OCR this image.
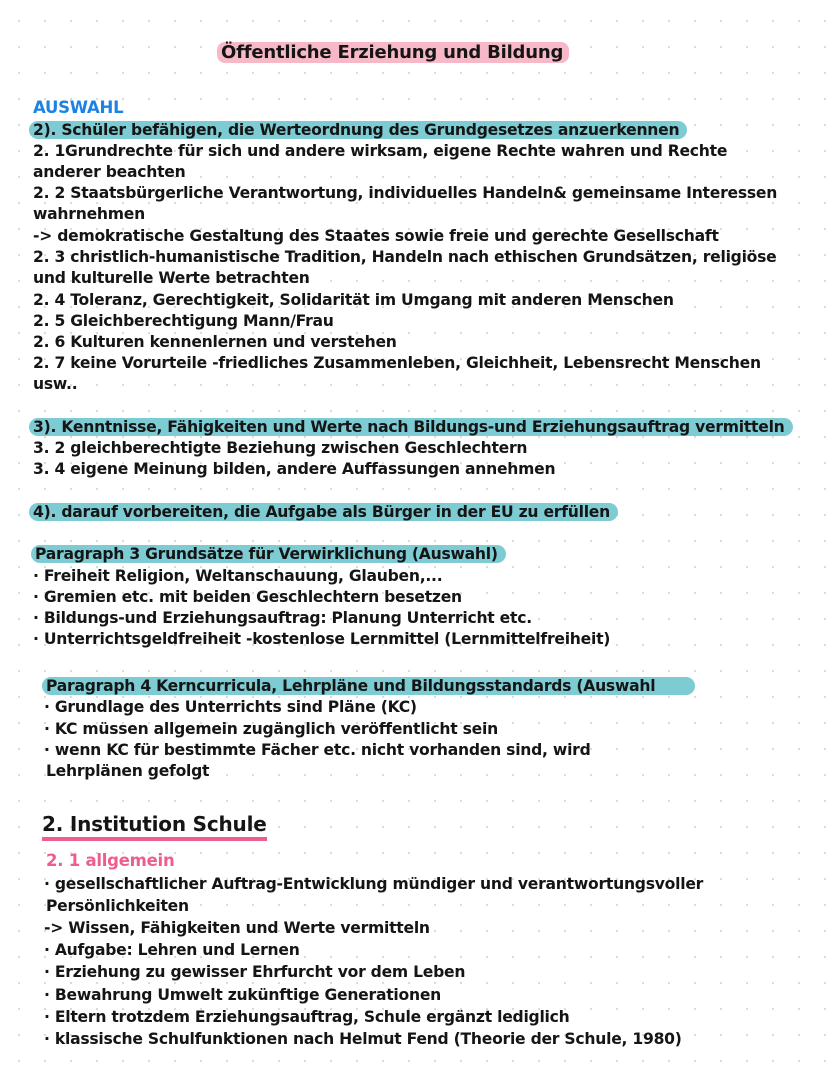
Öffentliche Erziehung und Bildung
AUSWAHL
2). Schüler befähigen, die Werteordnung des Grundgesetzes anzuerkennen
2. 1Grundrechte für sich und andere wirksam, eigene Rechte wahren und Rechte
anderer beachten
2. 2 Staatsbürgerliche Verantwortung, individuelles Handeln& gemeinsame Interessen
wahrnehmen
-> demokratische Gestaltung des Staates sowie freie und gerechte Gesellschaft
2. 3 christlich-humanistische Tradition, Handeln nach ethischen Grundsätzen, religiöse
und kulturelle Werte betrachten
2. 4 Toleranz, Gerechtigkeit, Solidarität im Umgang mit anderen Menschen
2. 5 Gleichberechtigung Mann/Frau
2. 6 Kulturen kennenlernen und verstehen
2. 7 keine Vorurteile -friedliches Zusammenleben, Gleichheit, Lebensrecht Menschen
usw..
3). Kenntnisse, Fähigkeiten und Werte nach Bildungs-und Erziehungsauftrag vermitteln
3. 2 gleichberechtigte Beziehung zwischen Geschlechtern
3. 4 eigene Meinung bilden, andere Auffassungen annehmen
4). darauf vorbereiten, die Aufgabe als Bürger in der EU zu erfüllen
Paragraph 3 Grundsätze für Verwirklichung (Auswahl)
· Freiheit Religion, Weltanschauung, Glauben,...
· Gremien etc. mit beiden Geschlechtern besetzen
· Bildungs-und Erziehungsauftrag: Planung Unterricht etc.
· Unterrichtsgeldfreiheit -kostenlose Lernmittel (Lernmittelfreiheit)
Paragraph 4 Kerncurricula, Lehrpläne und Bildungsstandards (Auswahl
· Grundlage des Unterrichts sind Pläne (KC)
· KC müssen allgemein zugänglich veröffentlicht sein
· wenn KC für bestimmte Fächer etc. nicht vorhanden sind, wird
Lehrplänen gefolgt
2. Institution Schule
2. 1 allgemein
· gesellschaftlicher Auftrag-Entwicklung mündiger und verantwortungsvoller
Persönlichkeiten
-> Wissen, Fähigkeiten und Werte vermitteln
· Aufgabe: Lehren und Lernen
· Erziehung zu gewisser Ehrfurcht vor dem Leben
· Bewahrung Umwelt zukünftige Generationen
· Eltern trotzdem Erziehungsauftrag, Schule ergänzt lediglich
· klassische Schulfunktionen nach Helmut Fend (Theorie der Schule, 1980)
